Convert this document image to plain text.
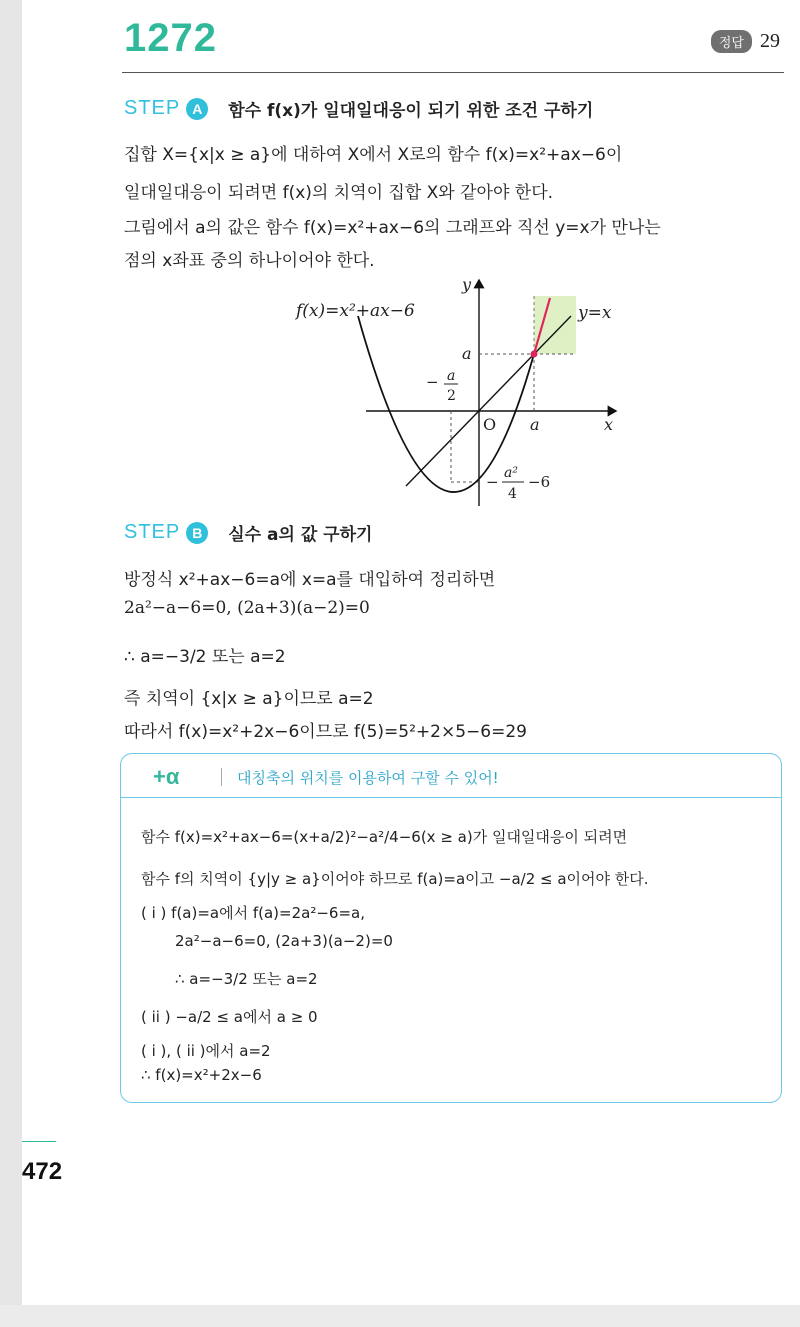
1272	정답 29
STEP A	함수 f(x)가 일대일대응이 되기 위한 조건 구하기
집합 X={x|x ≥ a}에 대하여 X에서 X로의 함수 f(x)=x²+ax−6이
일대일대응이 되려면 f(x)의 치역이 집합 X와 같아야 한다.
그림에서 a의 값은 함수 f(x)=x²+ax−6의 그래프와 직선 y=x가 만나는
점의 x좌표 중의 하나이어야 한다.
f(x)=x²+ax−6	y=x
y
x
O a
a
− a
2
− a²
4
−6
STEP B	실수 a의 값 구하기
방정식 x²+ax−6=a에 x=a를 대입하여 정리하면
2a²−a−6=0, (2a+3)(a−2)=0
∴ a=−3/2 또는 a=2
즉 치역이 {x|x ≥ a}이므로 a=2
따라서 f(x)=x²+2x−6이므로 f(5)=5²+2×5−6=29
+α	대칭축의 위치를 이용하여 구할 수 있어!
함수 f(x)=x²+ax−6=(x+a/2)²−a²/4−6(x ≥ a)가 일대일대응이 되려면
함수 f의 치역이 {y|y ≥ a}이어야 하므로 f(a)=a이고 −a/2 ≤ a이어야 한다.
( i ) f(a)=a에서 f(a)=2a²−6=a,
2a²−a−6=0, (2a+3)(a−2)=0
∴ a=−3/2 또는 a=2
( ii ) −a/2 ≤ a에서 a ≥ 0
( i ), ( ii )에서 a=2
∴ f(x)=x²+2x−6
472
